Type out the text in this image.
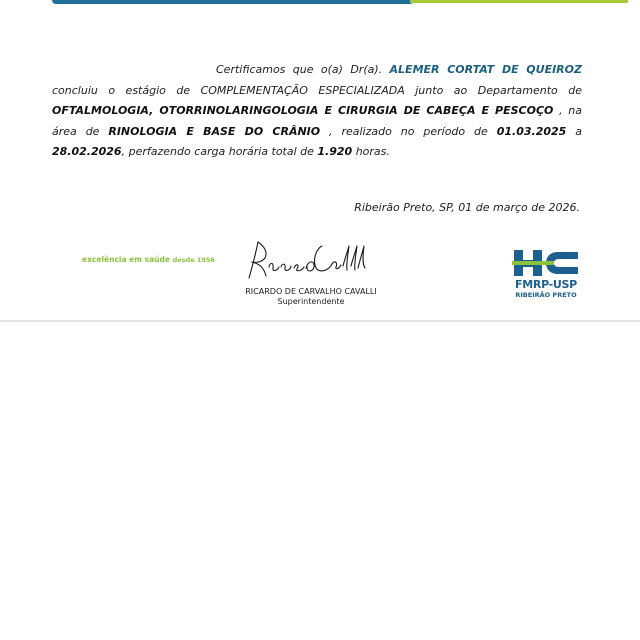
Certificamos que o(a) Dr(a). ALEMER CORTAT DE QUEIROZ concluiu o estágio de COMPLEMENTAÇÃO ESPECIALIZADA junto ao Departamento de OFTALMOLOGIA, OTORRINOLARINGOLOGIA E CIRURGIA DE CABEÇA E PESCOÇO , na área de RINOLOGIA E BASE DO CRÂNIO , realizado no período de 01.03.2025 a 28.02.2026, perfazendo carga horária total de 1.920 horas.

Ribeirão Preto, SP, 01 de março de 2026.
excelência em saúde desde 1956
RICARDO DE CARVALHO CAVALLI
Superintendente
FMRP-USP
RIBEIRÃO PRETO
